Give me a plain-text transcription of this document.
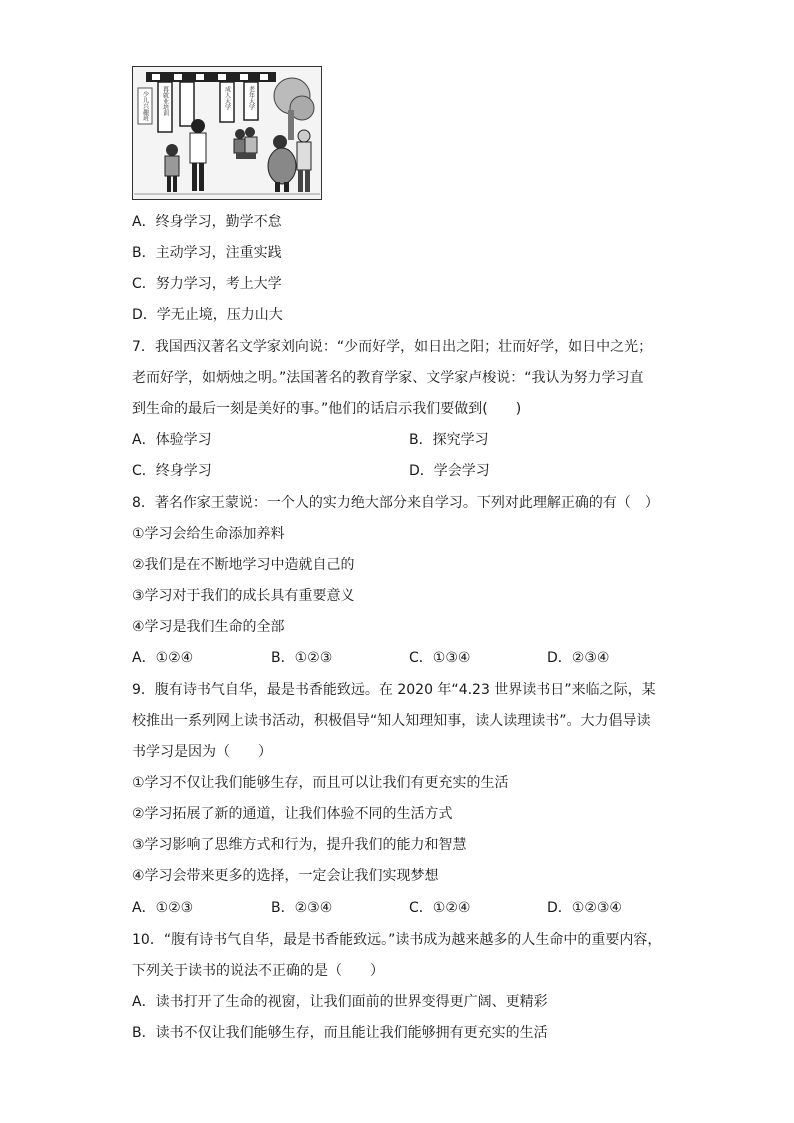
少儿兴趣班 再就业培训	成人大学	老年大学
A．终身学习，勤学不怠
B．主动学习，注重实践
C．努力学习，考上大学
D．学无止境，压力山大
7．我国西汉著名文学家刘向说：“少而好学，如日出之阳；壮而好学，如日中之光；
老而好学，如炳烛之明。”法国著名的教育学家、文学家卢梭说：“我认为努力学习直
到生命的最后一刻是美好的事。”他们的话启示我们要做到(　　)
A．体验学习	B．探究学习
C．终身学习	D．学会学习
8．著名作家王蒙说：一个人的实力绝大部分来自学习。下列对此理解正确的有（　）
①学习会给生命添加养料
②我们是在不断地学习中造就自己的
③学习对于我们的成长具有重要意义
④学习是我们生命的全部
A．①②④	B．①②③	C．①③④	D．②③④
9．腹有诗书气自华，最是书香能致远。在 2020 年“4.23 世界读书日”来临之际，某
校推出一系列网上读书活动，积极倡导“知人知理知事，读人读理读书”。大力倡导读
书学习是因为（　　）
①学习不仅让我们能够生存，而且可以让我们有更充实的生活
②学习拓展了新的通道，让我们体验不同的生活方式
③学习影响了思维方式和行为，提升我们的能力和智慧
④学习会带来更多的选择，一定会让我们实现梦想
A．①②③	B．②③④	C．①②④	D．①②③④
10．“腹有诗书气自华，最是书香能致远。”读书成为越来越多的人生命中的重要内容，
下列关于读书的说法不正确的是（　　）
A．读书打开了生命的视窗，让我们面前的世界变得更广阔、更精彩
B．读书不仅让我们能够生存，而且能让我们能够拥有更充实的生活
